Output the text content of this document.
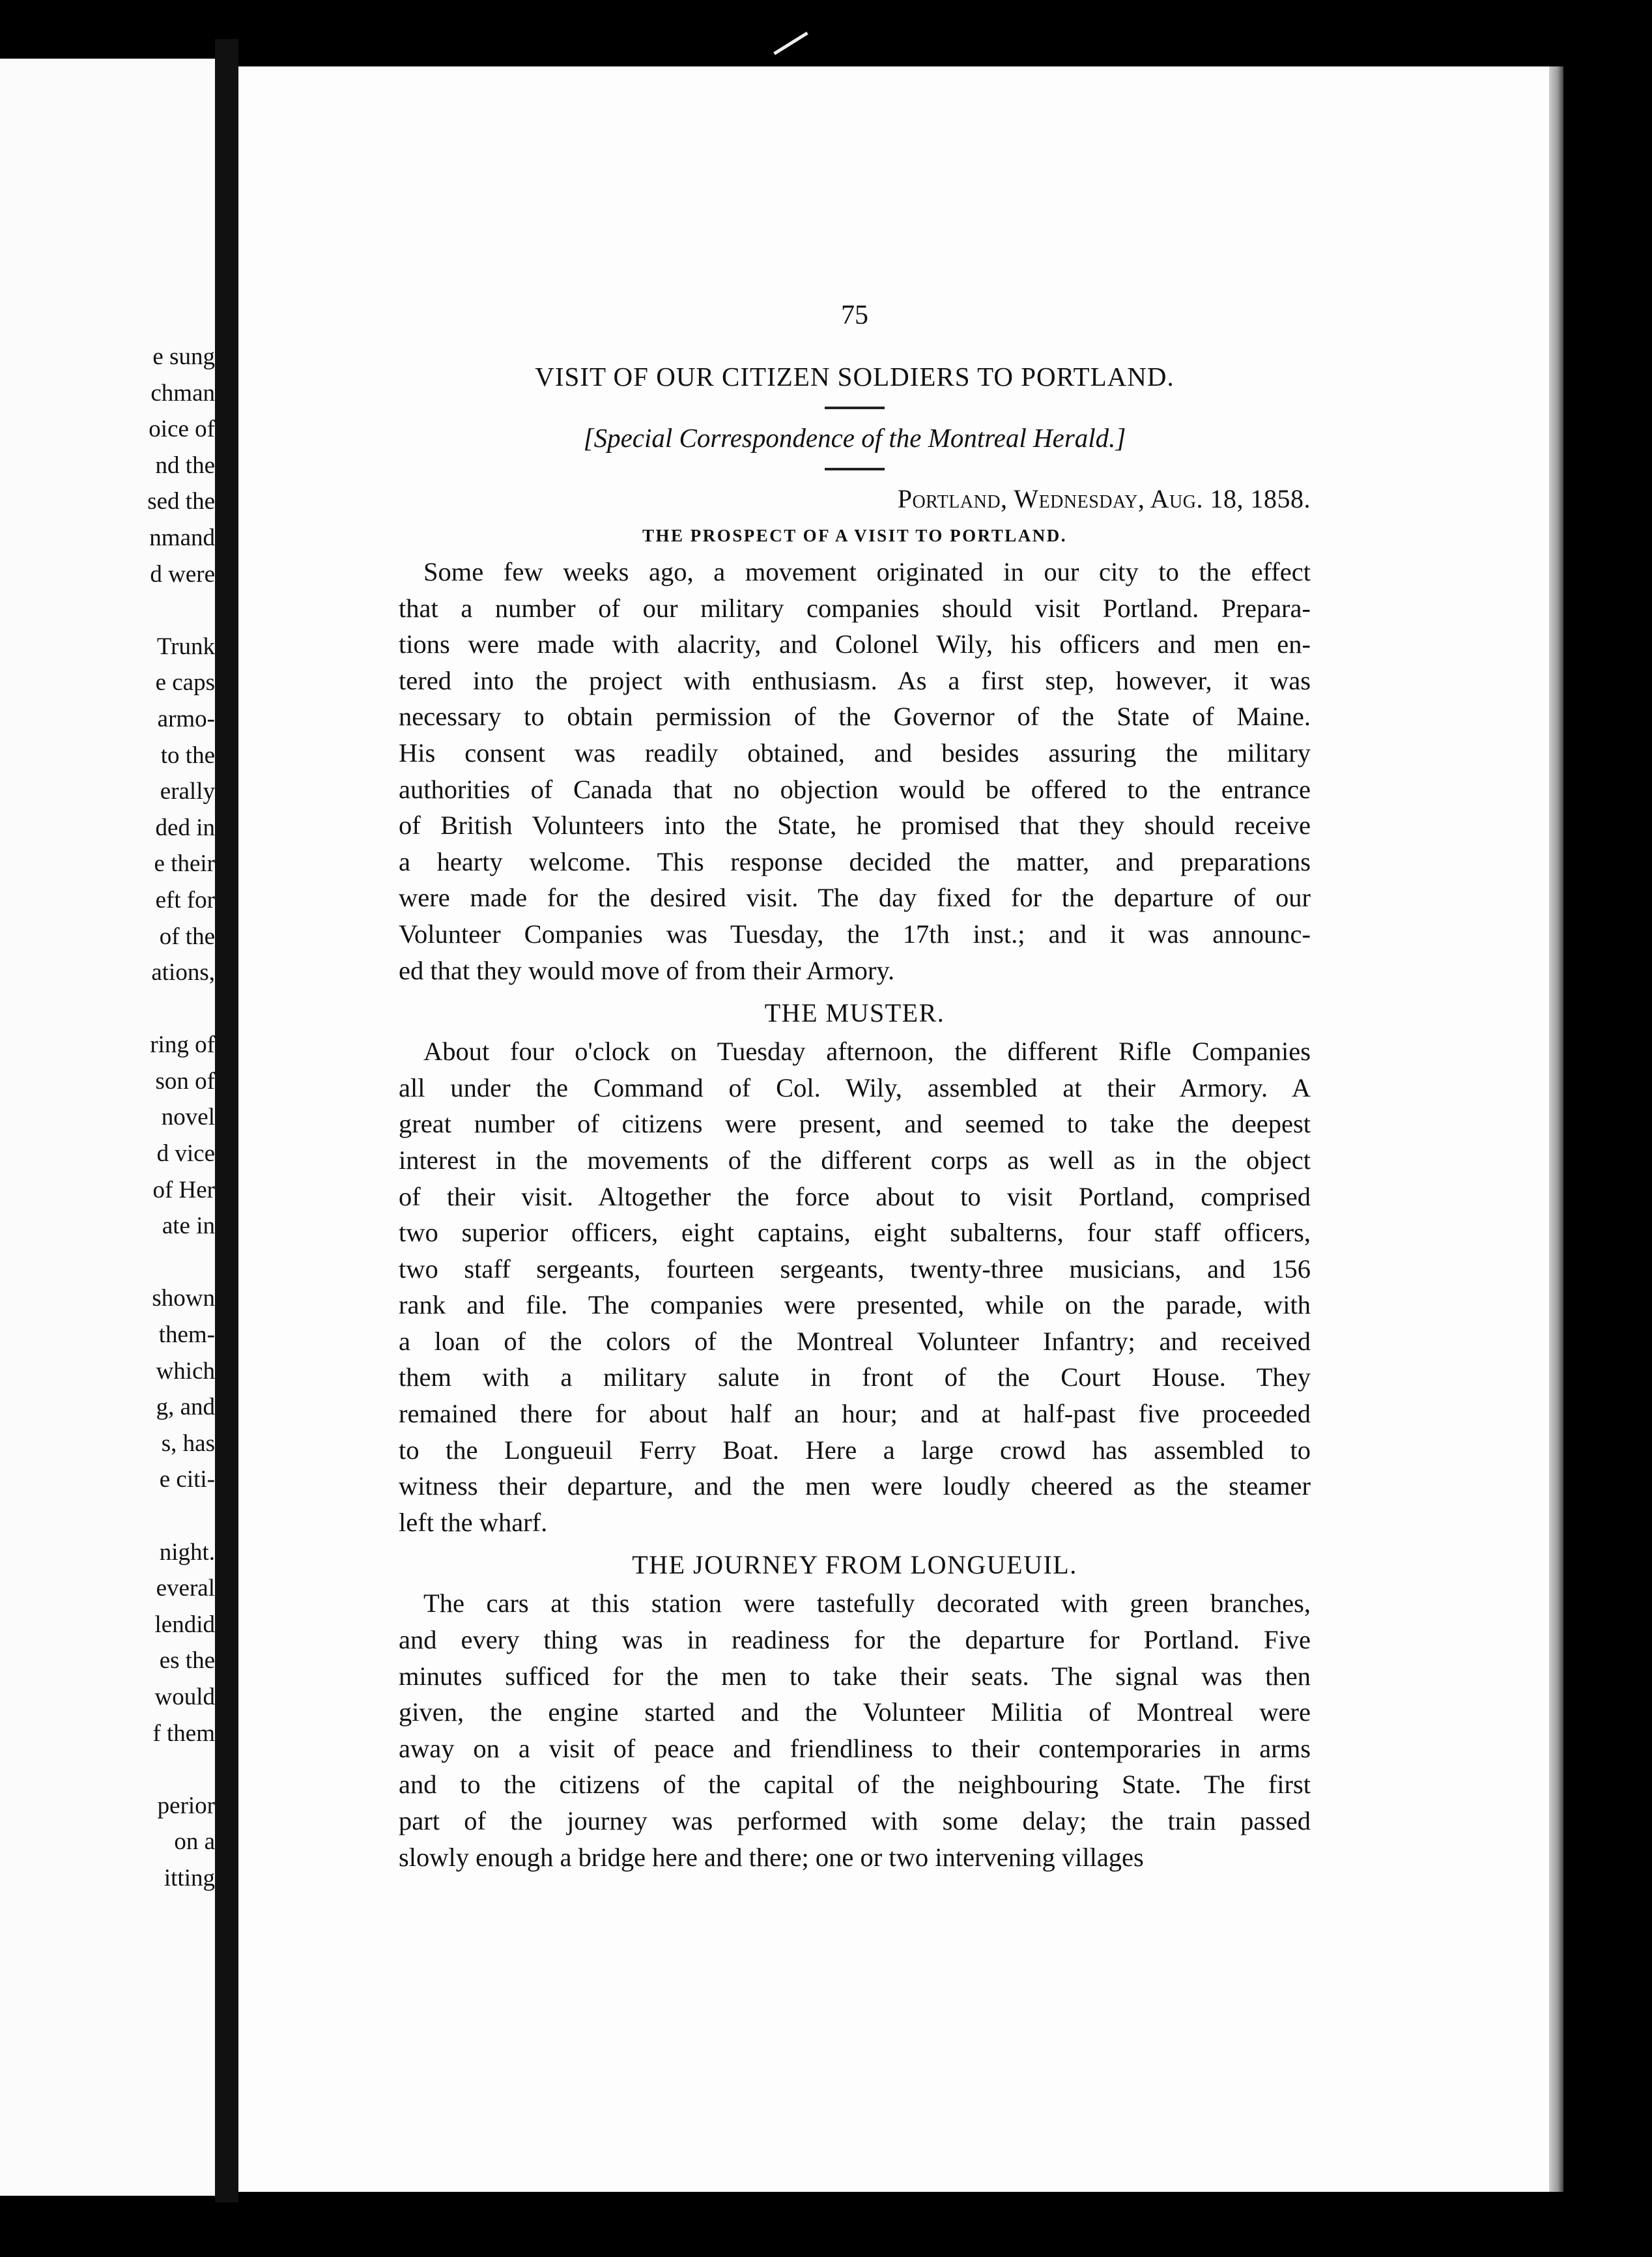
e sung
chman
oice of
nd the
sed the
nmand
d were
Trunk
e caps
armo-
to the
erally
ded in
e their
eft for
of the
ations,
ring of
son of
novel
d vice
of Her
ate in
shown
them-
which
g, and
s, has
e citi-
night.
everal
lendid
es the
would
f them
perior
on a
itting
75
VISIT OF OUR CITIZEN SOLDIERS TO PORTLAND.

[Special Correspondence of the Montreal Herald.]

Portland, Wednesday, Aug. 18, 1858.

THE PROSPECT OF A VISIT TO PORTLAND.
Some few weeks ago, a movement originated in our city to the effect
that a number of our military companies should visit Portland. Prepara-
tions were made with alacrity, and Colonel Wily, his officers and men en-
tered into the project with enthusiasm. As a first step, however, it was
necessary to obtain permission of the Governor of the State of Maine.
His consent was readily obtained, and besides assuring the military
authorities of Canada that no objection would be offered to the entrance
of British Volunteers into the State, he promised that they should receive
a hearty welcome. This response decided the matter, and preparations
were made for the desired visit. The day fixed for the departure of our
Volunteer Companies was Tuesday, the 17th inst.; and it was announc-
ed that they would move of from their Armory.
THE MUSTER.
About four o'clock on Tuesday afternoon, the different Rifle Companies
all under the Command of Col. Wily, assembled at their Armory. A
great number of citizens were present, and seemed to take the deepest
interest in the movements of the different corps as well as in the object
of their visit. Altogether the force about to visit Portland, comprised
two superior officers, eight captains, eight subalterns, four staff officers,
two staff sergeants, fourteen sergeants, twenty-three musicians, and 156
rank and file. The companies were presented, while on the parade, with
a loan of the colors of the Montreal Volunteer Infantry; and received
them with a military salute in front of the Court House. They
remained there for about half an hour; and at half-past five proceeded
to the Longueuil Ferry Boat. Here a large crowd has assembled to
witness their departure, and the men were loudly cheered as the steamer
left the wharf.
THE JOURNEY FROM LONGUEUIL.
The cars at this station were tastefully decorated with green branches,
and every thing was in readiness for the departure for Portland. Five
minutes sufficed for the men to take their seats. The signal was then
given, the engine started and the Volunteer Militia of Montreal were
away on a visit of peace and friendliness to their contemporaries in arms
and to the citizens of the capital of the neighbouring State. The first
part of the journey was performed with some delay; the train passed
slowly enough a bridge here and there; one or two intervening villages
